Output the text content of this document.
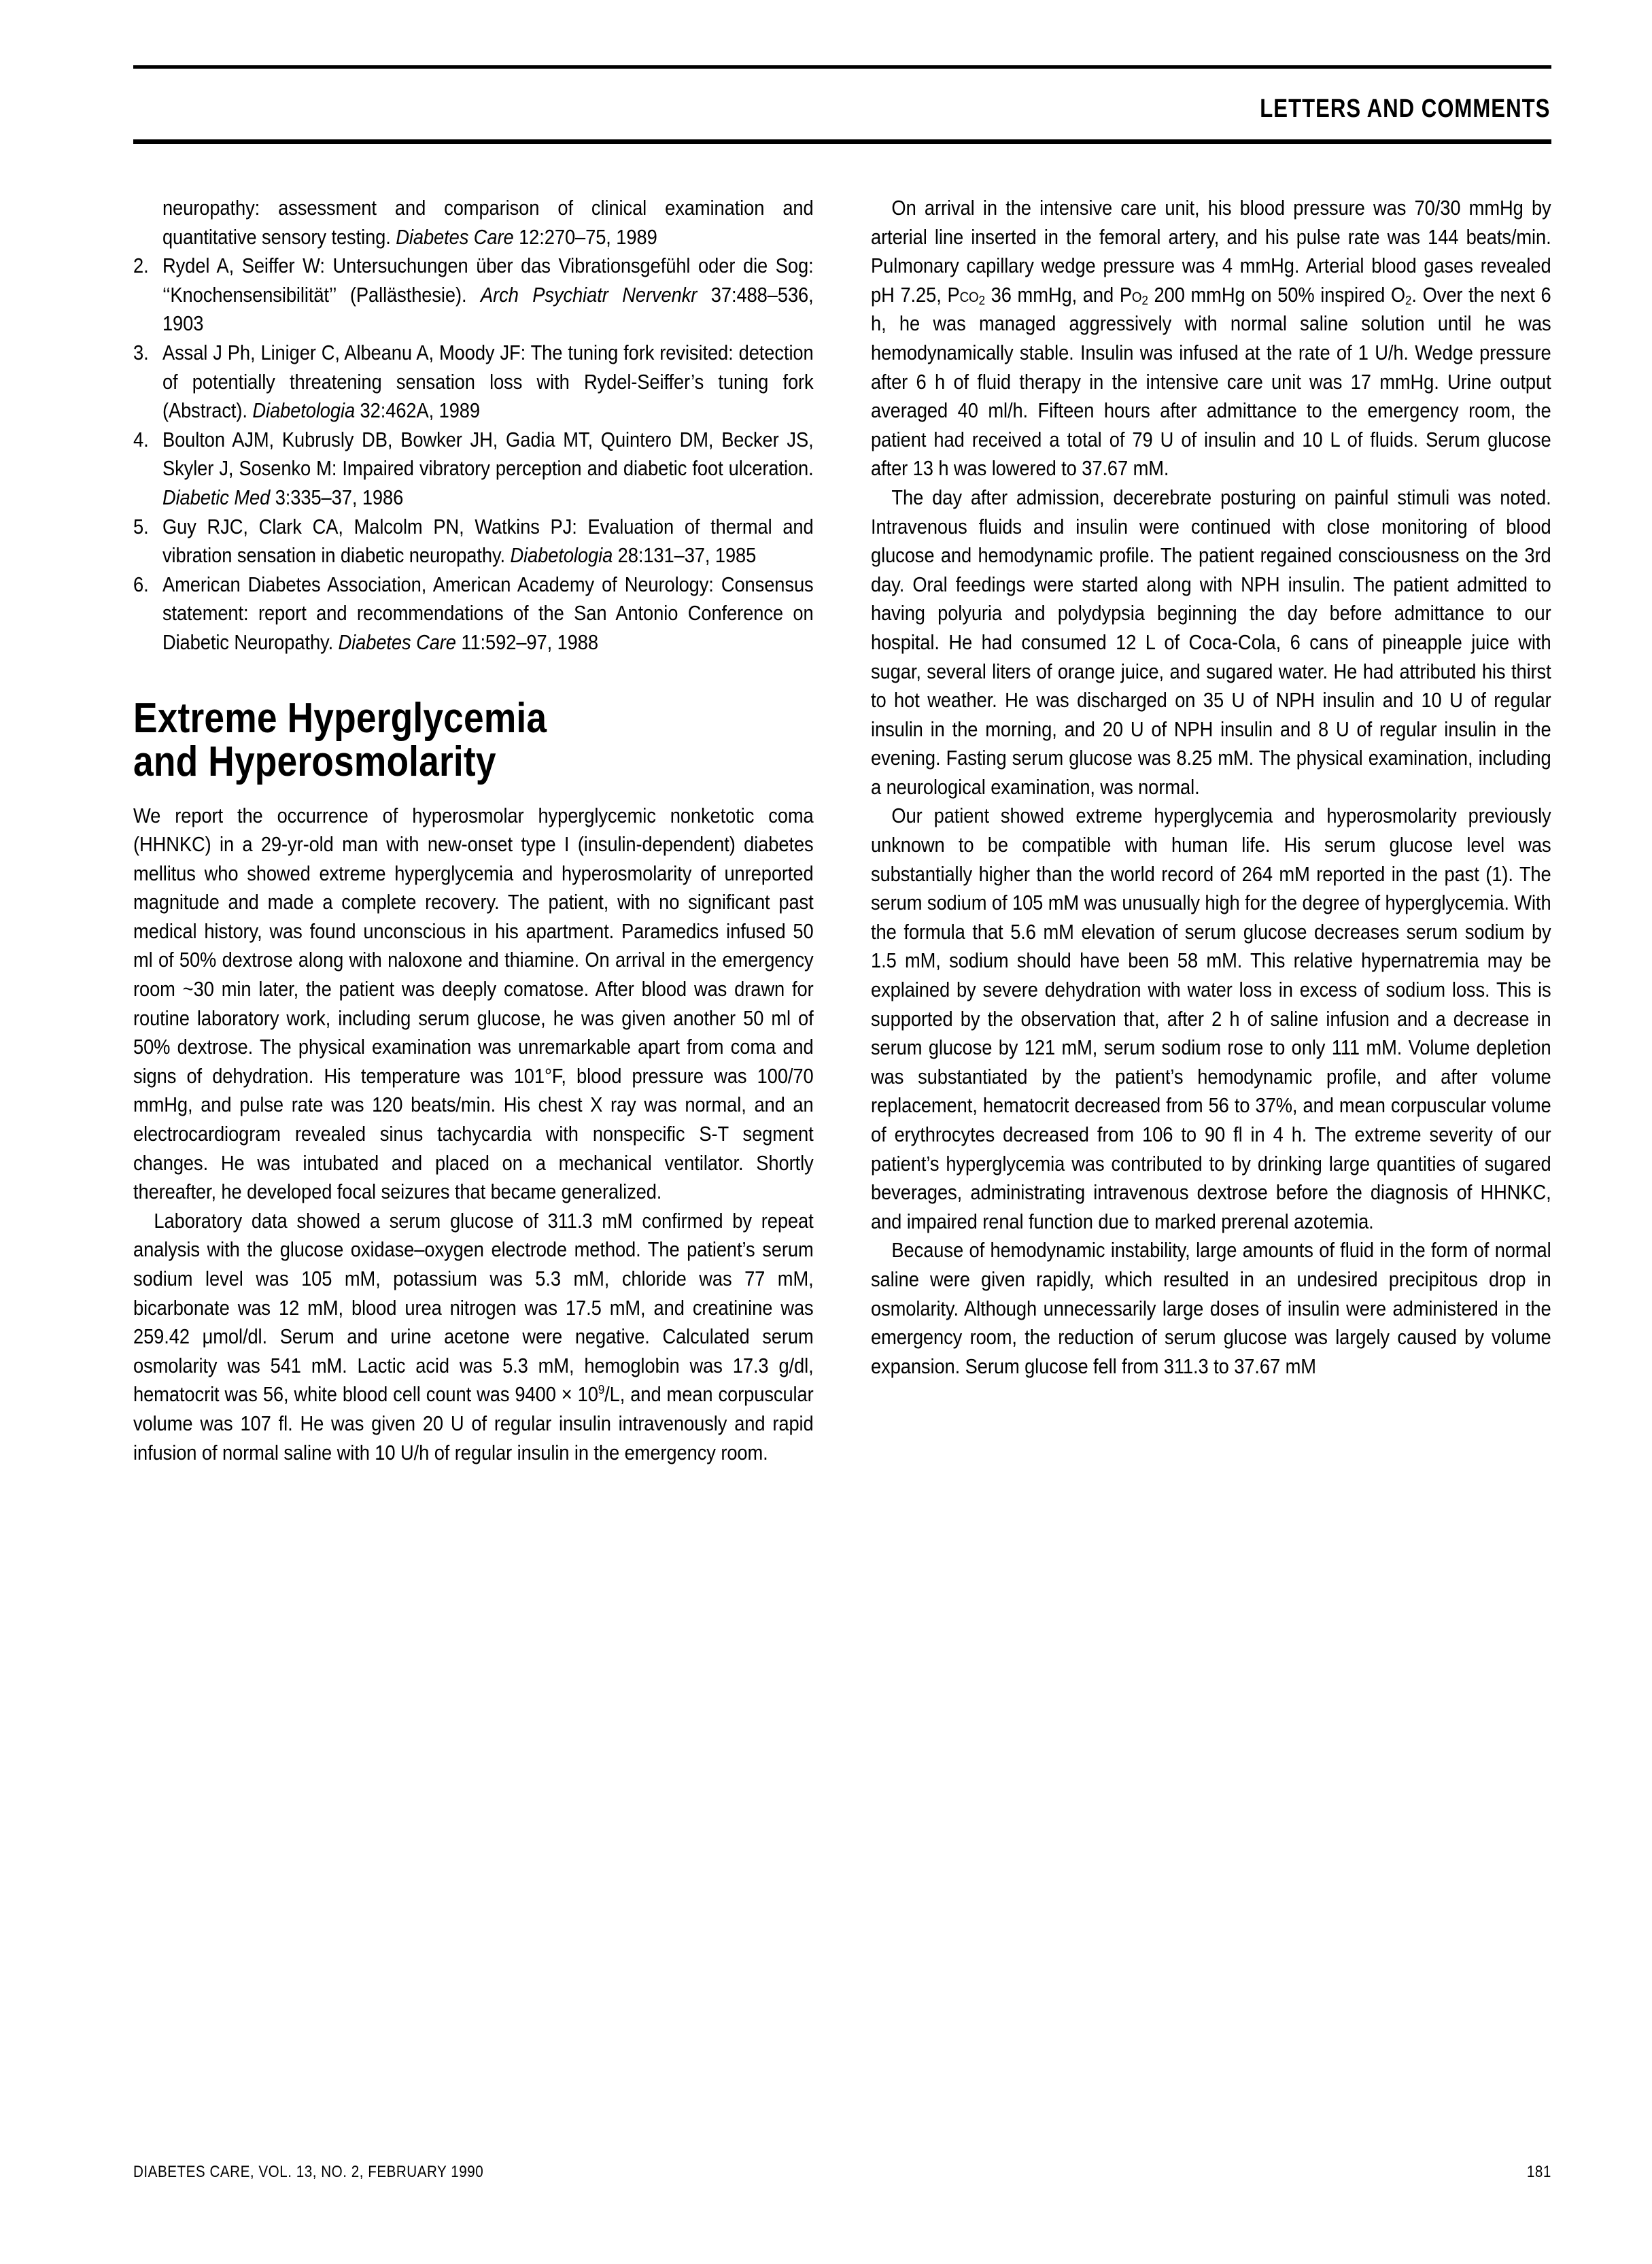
LETTERS AND COMMENTS
neuropathy: assessment and comparison of clinical examination and quantitative sensory testing. Diabetes Care 12:270–75, 1989
2. Rydel A, Seiffer W: Untersuchungen über das Vibrationsgefühl oder die Sog: ‘‘Knochensensibilität’’ (Pallästhesie). Arch Psychiatr Nervenkr 37:488–536, 1903
3. Assal J Ph, Liniger C, Albeanu A, Moody JF: The tuning fork revisited: detection of potentially threatening sensation loss with Rydel-Seiffer’s tuning fork (Abstract). Diabetologia 32:462A, 1989
4. Boulton AJM, Kubrusly DB, Bowker JH, Gadia MT, Quintero DM, Becker JS, Skyler J, Sosenko M: Impaired vibratory perception and diabetic foot ulceration. Diabetic Med 3:335–37, 1986
5. Guy RJC, Clark CA, Malcolm PN, Watkins PJ: Evaluation of thermal and vibration sensation in diabetic neuropathy. Diabetologia 28:131–37, 1985
6. American Diabetes Association, American Academy of Neurology: Consensus statement: report and recommendations of the San Antonio Conference on Diabetic Neuropathy. Diabetes Care 11:592–97, 1988
Extreme Hyperglycemia
and Hyperosmolarity

We report the occurrence of hyperosmolar hyperglycemic nonketotic coma (HHNKC) in a 29-yr-old man with new-onset type I (insulin-dependent) diabetes mellitus who showed extreme hyperglycemia and hyperosmolarity of unreported magnitude and made a complete recovery. The patient, with no significant past medical history, was found unconscious in his apartment. Paramedics infused 50 ml of 50% dextrose along with naloxone and thiamine. On arrival in the emergency room ~30 min later, the patient was deeply comatose. After blood was drawn for routine laboratory work, including serum glucose, he was given another 50 ml of 50% dextrose. The physical examination was unremarkable apart from coma and signs of dehydration. His temperature was 101°F, blood pressure was 100/70 mmHg, and pulse rate was 120 beats/min. His chest X ray was normal, and an electrocardiogram revealed sinus tachycardia with nonspecific S-T segment changes. He was intubated and placed on a mechanical ventilator. Shortly thereafter, he developed focal seizures that became generalized.

Laboratory data showed a serum glucose of 311.3 mM confirmed by repeat analysis with the glucose oxidase–oxygen electrode method. The patient’s serum sodium level was 105 mM, potassium was 5.3 mM, chloride was 77 mM, bicarbonate was 12 mM, blood urea nitrogen was 17.5 mM, and creatinine was 259.42 μmol/dl. Serum and urine acetone were negative. Calculated serum osmolarity was 541 mM. Lactic acid was 5.3 mM, hemoglobin was 17.3 g/dl, hematocrit was 56, white blood cell count was $9400 \times 10^9/L$, and mean corpuscular volume was 107 fl. He was given 20 U of regular insulin intravenously and rapid infusion of normal saline with 10 U/h of regular insulin in the emergency room.

On arrival in the intensive care unit, his blood pressure was 70/30 mmHg by arterial line inserted in the femoral artery, and his pulse rate was 144 beats/min. Pulmonary capillary wedge pressure was 4 mmHg. Arterial blood gases revealed pH 7.25, Pco$_2$ 36 mmHg, and $Po_2$ 200 mmHg on 50% inspired $O_2$. Over the next 6 h, he was managed aggressively with normal saline solution until he was hemodynamically stable. Insulin was infused at the rate of 1 U/h. Wedge pressure after 6 h of fluid therapy in the intensive care unit was 17 mmHg. Urine output averaged 40 ml/h. Fifteen hours after admittance to the emergency room, the patient had received a total of 79 U of insulin and 10 L of fluids. Serum glucose after 13 h was lowered to 37.67 mM.

The day after admission, decerebrate posturing on painful stimuli was noted. Intravenous fluids and insulin were continued with close monitoring of blood glucose and hemodynamic profile. The patient regained consciousness on the 3rd day. Oral feedings were started along with NPH insulin. The patient admitted to having polyuria and polydypsia beginning the day before admittance to our hospital. He had consumed 12 L of Coca-Cola, 6 cans of pineapple juice with sugar, several liters of orange juice, and sugared water. He had attributed his thirst to hot weather. He was discharged on 35 U of NPH insulin and 10 U of regular insulin in the morning, and 20 U of NPH insulin and 8 U of regular insulin in the evening. Fasting serum glucose was 8.25 mM. The physical examination, including a neurological examination, was normal.

Our patient showed extreme hyperglycemia and hyperosmolarity previously unknown to be compatible with human life. His serum glucose level was substantially higher than the world record of 264 mM reported in the past (1). The serum sodium of 105 mM was unusually high for the degree of hyperglycemia. With the formula that 5.6 mM elevation of serum glucose decreases serum sodium by 1.5 mM, sodium should have been 58 mM. This relative hypernatremia may be explained by severe dehydration with water loss in excess of sodium loss. This is supported by the observation that, after 2 h of saline infusion and a decrease in serum glucose by 121 mM, serum sodium rose to only 111 mM. Volume depletion was substantiated by the patient’s hemodynamic profile, and after volume replacement, hematocrit decreased from 56 to 37%, and mean corpuscular volume of erythrocytes decreased from 106 to 90 fl in 4 h. The extreme severity of our patient’s hyperglycemia was contributed to by drinking large quantities of sugared beverages, administrating intravenous dextrose before the diagnosis of HHNKC, and impaired renal function due to marked prerenal azotemia.

Because of hemodynamic instability, large amounts of fluid in the form of normal saline were given rapidly, which resulted in an undesired precipitous drop in osmolarity. Although unnecessarily large doses of insulin were administered in the emergency room, the reduction of serum glucose was largely caused by volume expansion. Serum glucose fell from 311.3 to 37.67 mM

DIABETES CARE, VOL. 13, NO. 2, FEBRUARY 1990	181
